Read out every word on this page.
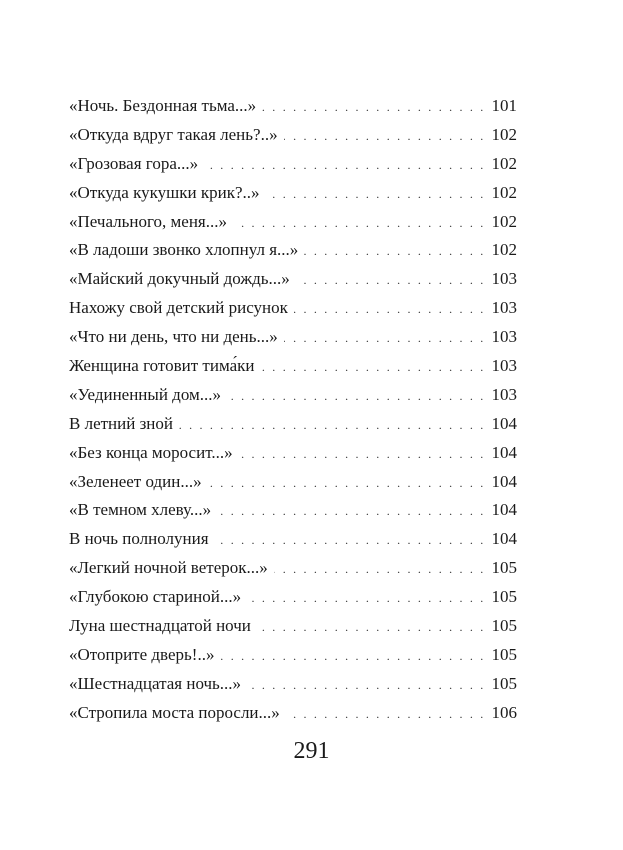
«Ночь. Бездонная тьма...» . . .	101
«Откуда вдруг такая лень?..» . . .	102
«Грозовая гора...» . . .	102
«Откуда кукушки крик?..» . . .	102
«Печального, меня...» . . .	102
«В ладоши звонко хлопнул я...» . . .	102
«Майский докучный дождь...» . . .	103
Нахожу свой детский рисунок . . .	103
«Что ни день, что ни день...» . . .	103
Женщина готовит тима́ки . . .	103
«Уединенный дом...» . . .	103
В летний зной . . .	104
«Без конца моросит...» . . .	104
«Зеленеет один...» . . .	104
«В темном хлеву...» . . .	104
В ночь полнолуния . . .	104
«Легкий ночной ветерок...» . . .	105
«Глубокою стариной...» . . .	105
Луна шестнадцатой ночи . . .	105
«Отоприте дверь!..» . . .	105
«Шестнадцатая ночь...» . . .	105
«Стропила моста поросли...» . . .	106
291
